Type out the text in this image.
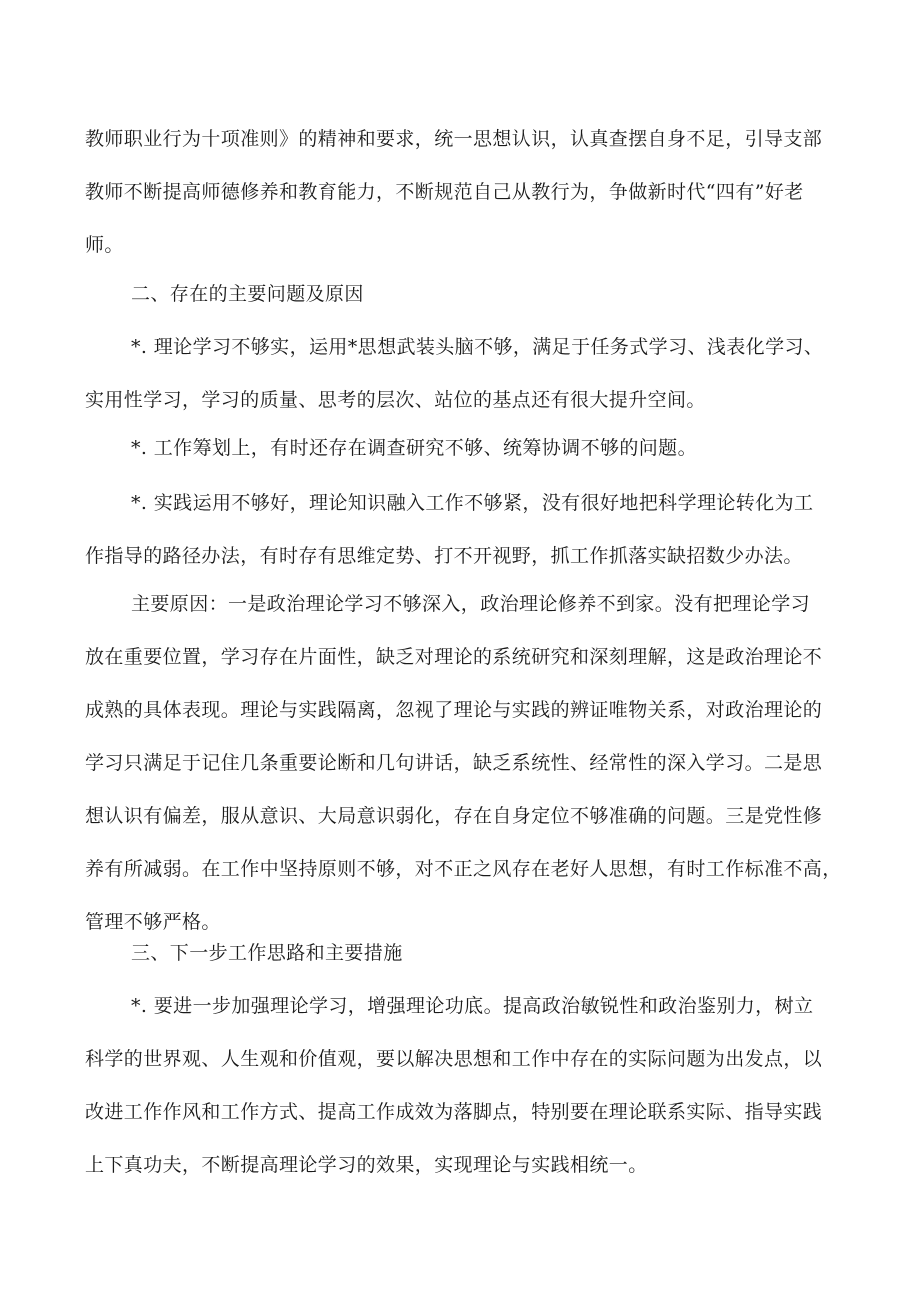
教师职业行为十项准则》的精神和要求，统一思想认识，认真查摆自身不足，引导支部
教师不断提高师德修养和教育能力，不断规范自己从教行为，争做新时代“四有”好老
师。
二、存在的主要问题及原因
*. 理论学习不够实，运用*思想武装头脑不够，满足于任务式学习、浅表化学习、
实用性学习，学习的质量、思考的层次、站位的基点还有很大提升空间。
*. 工作筹划上，有时还存在调查研究不够、统筹协调不够的问题。
*. 实践运用不够好，理论知识融入工作不够紧，没有很好地把科学理论转化为工
作指导的路径办法，有时存有思维定势、打不开视野，抓工作抓落实缺招数少办法。
主要原因：一是政治理论学习不够深入，政治理论修养不到家。没有把理论学习
放在重要位置，学习存在片面性，缺乏对理论的系统研究和深刻理解，这是政治理论不
成熟的具体表现。理论与实践隔离，忽视了理论与实践的辨证唯物关系，对政治理论的
学习只满足于记住几条重要论断和几句讲话，缺乏系统性、经常性的深入学习。二是思
想认识有偏差，服从意识、大局意识弱化，存在自身定位不够准确的问题。三是党性修
养有所减弱。在工作中坚持原则不够，对不正之风存在老好人思想，有时工作标准不高，
管理不够严格。
三、下一步工作思路和主要措施
*. 要进一步加强理论学习，增强理论功底。提高政治敏锐性和政治鉴别力，树立
科学的世界观、人生观和价值观，要以解决思想和工作中存在的实际问题为出发点，以
改进工作作风和工作方式、提高工作成效为落脚点，特别要在理论联系实际、指导实践
上下真功夫，不断提高理论学习的效果，实现理论与实践相统一。
